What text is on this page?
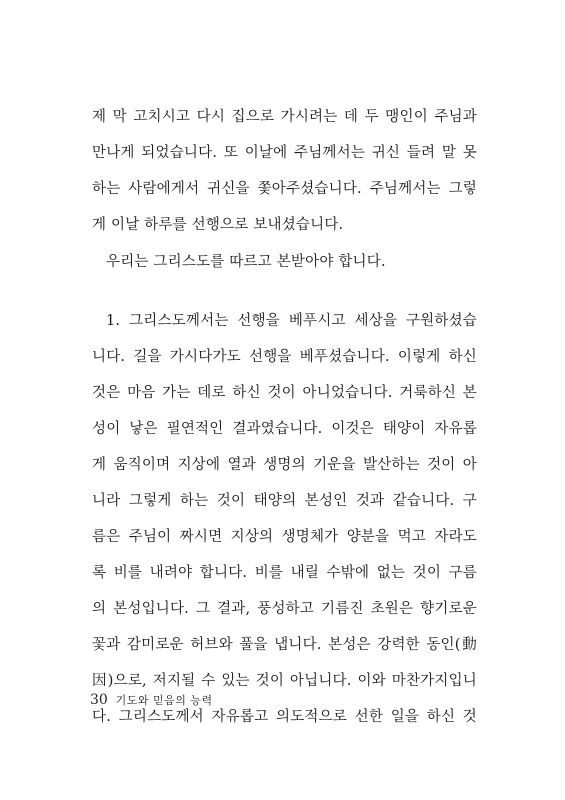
제 막 고치시고 다시 집으로 가시려는 데 두 맹인이 주님과
만나게 되었습니다. 또 이날에 주님께서는 귀신 들려 말 못
하는 사람에게서 귀신을 쫓아주셨습니다. 주님께서는 그렇
게 이날 하루를 선행으로 보내셨습니다.
우리는 그리스도를 따르고 본받아야 합니다.
1. 그리스도께서는 선행을 베푸시고 세상을 구원하셨습
니다. 길을 가시다가도 선행을 베푸셨습니다. 이렇게 하신
것은 마음 가는 데로 하신 것이 아니었습니다. 거룩하신 본
성이 낳은 필연적인 결과였습니다. 이것은 태양이 자유롭
게 움직이며 지상에 열과 생명의 기운을 발산하는 것이 아
니라 그렇게 하는 것이 태양의 본성인 것과 같습니다. 구
름은 주님이 짜시면 지상의 생명체가 양분을 먹고 자라도
록 비를 내려야 합니다. 비를 내릴 수밖에 없는 것이 구름
의 본성입니다. 그 결과, 풍성하고 기름진 초원은 향기로운
꽃과 감미로운 허브와 풀을 냅니다. 본성은 강력한 동인(動
因)으로, 저지될 수 있는 것이 아닙니다. 이와 마찬가지입니
다. 그리스도께서 자유롭고 의도적으로 선한 일을 하신 것
30 기도와 믿음의 능력
